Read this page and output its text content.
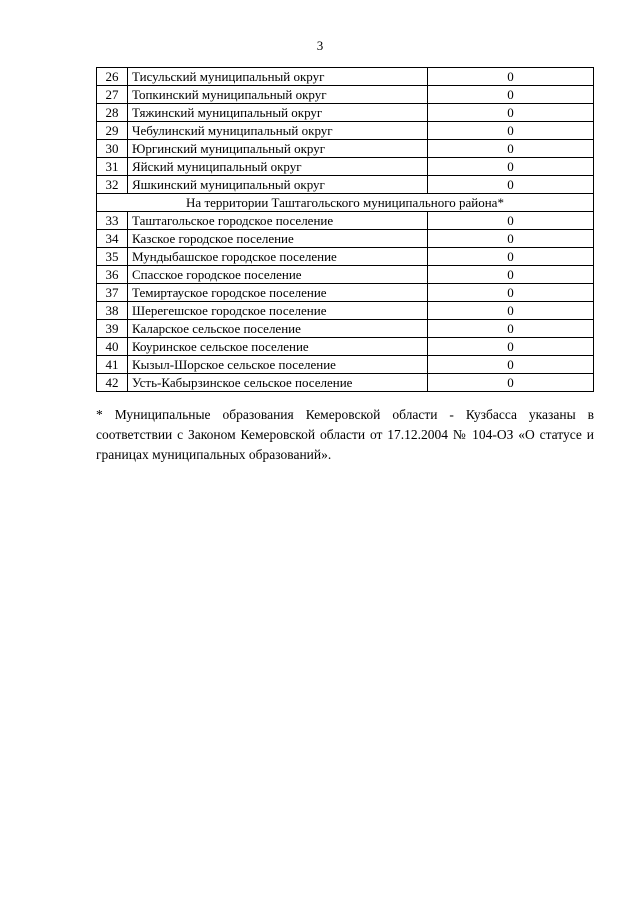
3
26	Тисульский муниципальный округ	0
27	Топкинский муниципальный округ	0
28	Тяжинский муниципальный округ	0
29	Чебулинский муниципальный округ	0
30	Юргинский муниципальный округ	0
31	Яйский муниципальный округ	0
32	Яшкинский муниципальный округ	0
На территории Таштагольского муниципального района*		
33	Таштагольское городское поселение	0
34	Казское городское поселение	0
35	Мундыбашское городское поселение	0
36	Спасское городское поселение	0
37	Темиртауское городское поселение	0
38	Шерегешское городское поселение	0
39	Каларское сельское поселение	0
40	Коуринское сельское поселение	0
41	Кызыл-Шорское сельское поселение	0
42	Усть-Кабырзинское сельское поселение	0
* Муниципальные образования Кемеровской области - Кузбасса указаны в соответствии с Законом Кемеровской области от 17.12.2004 № 104-ОЗ «О статусе и границах муниципальных образований».
